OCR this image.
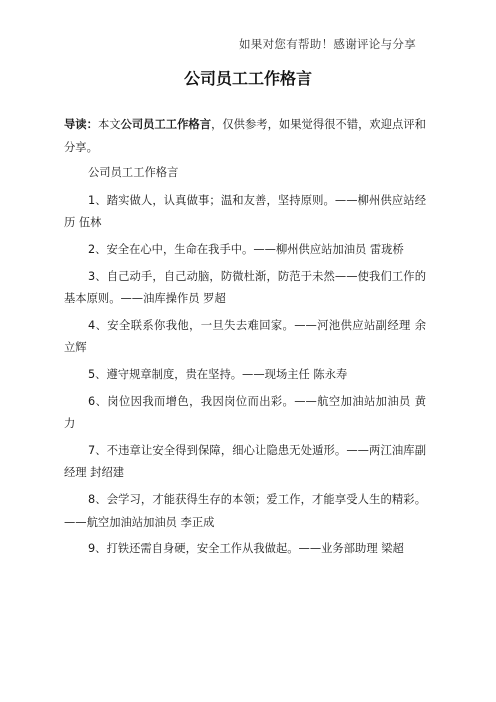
如果对您有帮助！感谢评论与分享
公司员工工作格言

导读：本文公司员工工作格言，仅供参考，如果觉得很不错，欢迎点评和分享。

公司员工工作格言

1、踏实做人，认真做事；温和友善，坚持原则。——柳州供应站经历 伍林

2、安全在心中，生命在我手中。——柳州供应站加油员 雷珑桥

3、自己动手，自己动脑，防微杜渐，防范于未然——使我们工作的基本原则。——油库操作员 罗超

4、安全联系你我他，一旦失去难回家。——河池供应站副经理 余立辉

5、遵守规章制度，贵在坚持。——现场主任 陈永寿

6、岗位因我而增色，我因岗位而出彩。——航空加油站加油员 黄力

7、不违章让安全得到保障，细心让隐患无处遁形。——两江油库副经理 封绍建

8、会学习，才能获得生存的本领；爱工作，才能享受人生的精彩。——航空加油站加油员 李正成

9、打铁还需自身硬，安全工作从我做起。——业务部助理 梁超
